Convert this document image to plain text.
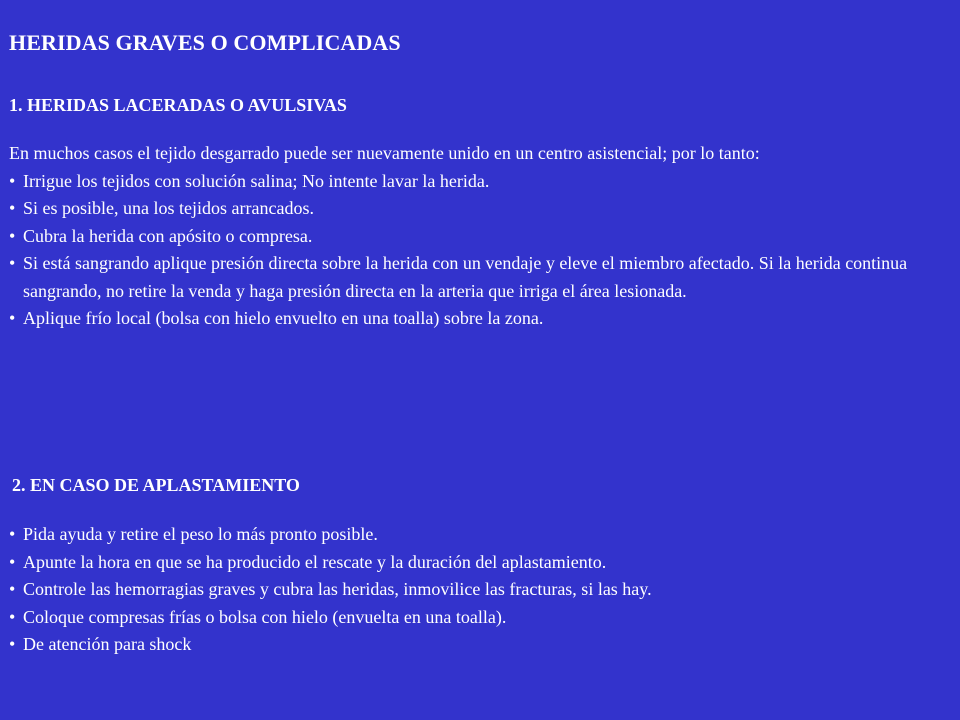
HERIDAS GRAVES O COMPLICADAS
1. HERIDAS LACERADAS O AVULSIVAS

En muchos casos el tejido desgarrado puede ser nuevamente unido en un centro asistencial; por lo tanto:

• Irrigue los tejidos con solución salina; No intente lavar la herida.

• Si es posible, una los tejidos arrancados.

• Cubra la herida con apósito o compresa.

• Si está sangrando aplique presión directa sobre la herida con un vendaje y eleve el miembro afectado. Si la herida continua sangrando, no retire la venda y haga presión directa en la arteria que irriga el área lesionada.

• Aplique frío local (bolsa con hielo envuelto en una toalla) sobre la zona.

2. EN CASO DE APLASTAMIENTO

• Pida ayuda y retire el peso lo más pronto posible.

• Apunte la hora en que se ha producido el rescate y la duración del aplastamiento.

• Controle las hemorragias graves y cubra las heridas, inmovilice las fracturas, si las hay.

• Coloque compresas frías o bolsa con hielo (envuelta en una toalla).

• De atención para shock
